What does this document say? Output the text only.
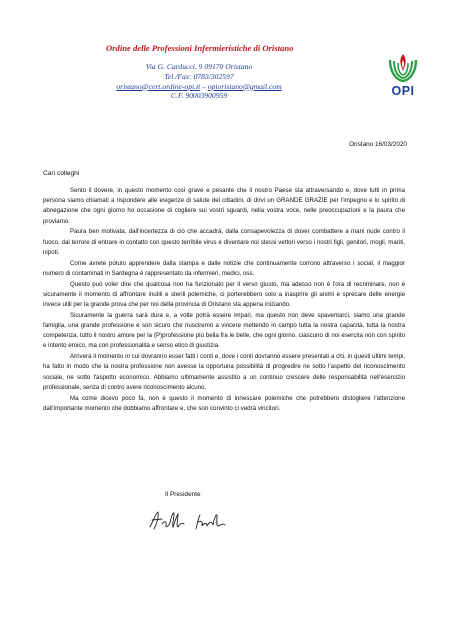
Ordine delle Professioni Infermieristiche di Oristano
Via G. Carducci, 9 09170 Oristano
Tel./Fax: 0783/302597
oristano@cert.ordine-opi.it – opioristano@gmail.com
C.F. 90003900959	OPI
Oristano 16/03/2020
Cari colleghi

Sento il dovere, in questo momento così grave e pesante che il nostro Paese sta attraversando e, dove tutti in prima persona siamo chiamati a rispondere alle esigenze di salute dei cittadini, di dirvi un GRANDE GRAZIE per l'impegno e lo spirito di abnegazione che ogni giorno ho occasione di cogliere sui vostri sguardi, nella vostra voce, nelle preoccupazioni e la paura che proviamo.

Paura ben motivata, dall'incertezza di ciò che accadrà, dalla consapevolezza di dover combattere a mani nude contro il fuoco, dal terrore di entrare in contatto con questo terribile virus e diventare noi stessi vettori verso i nostri figli, genitori, mogli, mariti, nipoti.

Come avrete potuto apprendere dalla stampa e dalle notizie che continuamente corrono attraverso i social, il maggior numero di contaminati in Sardegna è rappresentato da infermieri, medici, oss.

Questo può voler dire che qualcosa non ha funzionato per il verso giusto, ma adesso non è l'ora di recriminare, non è sicuramente il momento di affrontare inutili e sterili polemiche, ci porterebbero solo a inasprire gli animi e sprecare delle energie invece utili per la grande prova che per noi della provincia di Oristano sta appena iniziando.

Sicuramente la guerra sarà dura e, a volte potrà essere impari, ma questo non deve spaventarci, siamo una grande famiglia, una grande professione e son sicuro che riusciremo a vincere mettendo in campo tutta la nostra capacità, tutta la nostra competenza, tutto il nostro amore per la (P)professione più bella fra le belle, che ogni giorno, ciascuno di noi esercita non con spirito e intento eroico, ma con professionalità e senso etico di giustizia.

Arriverà il momento in cui dovranno esser fatti i conti e, dove i conti dovranno essere presentati a chi, in questi ultimi tempi, ha fatto in modo che la nostra professione non avesse la opportuna possibilità di progredire ne sotto l'aspetto del riconoscimento sociale, ne sotto l'aspetto economico. Abbiamo ultimamente assistito a un continuo crescere delle responsabilità nell'esercizio professionale, senza di contro avere riconoscimento alcuno.

Ma come dicevo poco fa, non è questo il momento di innescare polemiche che potrebbero distogliere l'attenzione dall'importante momento che dobbiamo affrontare e, che son convinto ci vedrà vincitori.

Il Presidente
